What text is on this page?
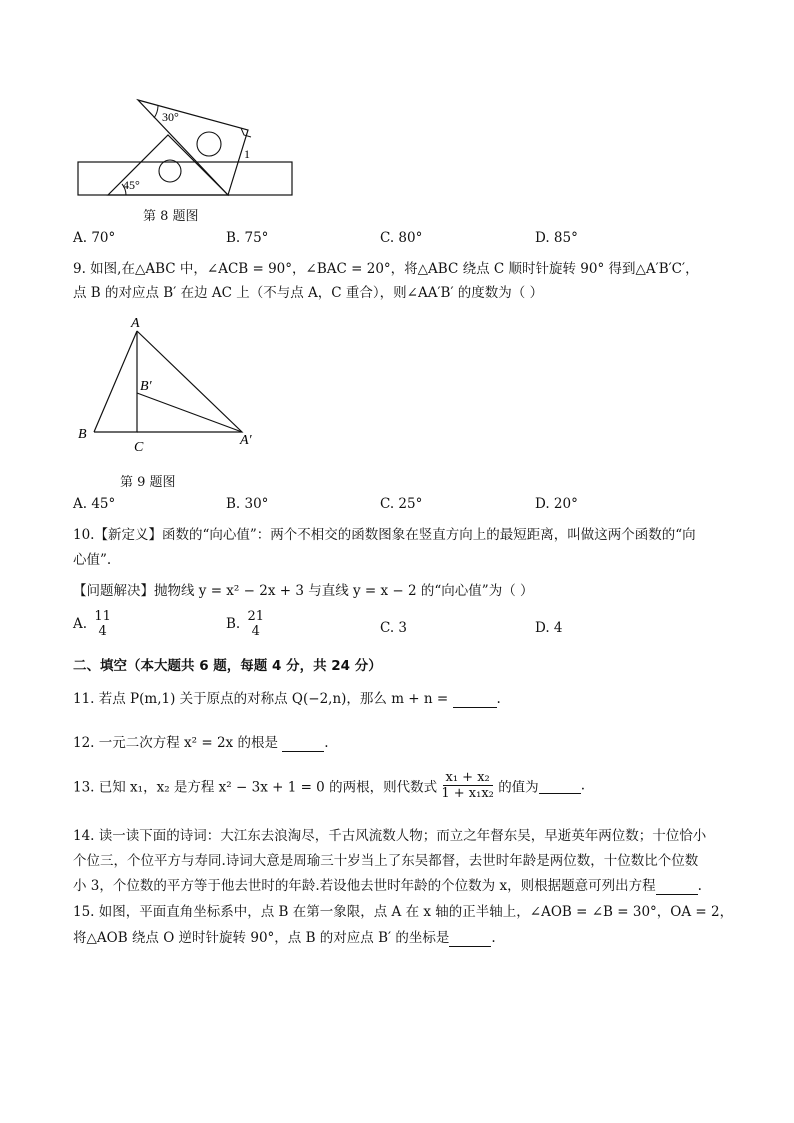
30°
45°
1
第 8 题图
A. 70°	B. 75°	C. 80°	D. 85°
9. 如图,在△ABC 中，∠ACB = 90°，∠BAC = 20°，将△ABC 绕点 C 顺时针旋转 90° 得到△A′B′C′，
点 B 的对应点 B′ 在边 AC 上（不与点 A，C 重合），则∠AA′B′ 的度数为（ ）
A
B′
B
C	A′
第 9 题图
A. 45°	B. 30°	C. 25°	D. 20°
10.【新定义】函数的“向心值”：两个不相交的函数图象在竖直方向上的最短距离，叫做这两个函数的“向
心值”.
【问题解决】抛物线 y = x² − 2x + 3 与直线 y = x − 2 的“向心值”为（ ）
A. 11
4	B. 21
4	C. 3	D. 4
二、填空（本大题共 6 题，每题 4 分，共 24 分）
11. 若点 P(m,1) 关于原点的对称点 Q(−2,n)，那么 m + n =	.
12. 一元二次方程 x² = 2x 的根是	.
13. 已知 x₁，x₂ 是方程 x² − 3x + 1 = 0 的两根，则代数式 $\frac{\text{x₁ + x₂}}{\text{1 + x₁x₂}}$ 的值为	.
14. 读一读下面的诗词：大江东去浪淘尽，千古风流数人物；而立之年督东吴，早逝英年两位数；十位恰小
个位三，个位平方与寿同.诗词大意是周瑜三十岁当上了东吴都督，去世时年龄是两位数，十位数比个位数
小 3，个位数的平方等于他去世时的年龄.若设他去世时年龄的个位数为 x，则根据题意可列出方程	.
15. 如图，平面直角坐标系中，点 B 在第一象限，点 A 在 x 轴的正半轴上，∠AOB = ∠B = 30°，OA = 2，
将△AOB 绕点 O 逆时针旋转 90°，点 B 的对应点 B′ 的坐标是	.
